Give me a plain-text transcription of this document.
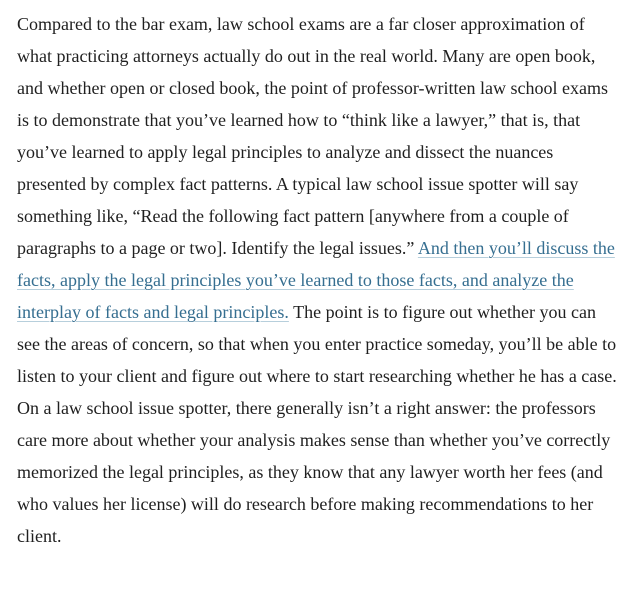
Compared to the bar exam, law school exams are a far closer approximation of what practicing attorneys actually do out in the real world. Many are open book, and whether open or closed book, the point of professor-written law school exams is to demonstrate that you’ve learned how to “think like a lawyer,” that is, that you’ve learned to apply legal principles to analyze and dissect the nuances presented by complex fact patterns. A typical law school issue spotter will say something like, “Read the following fact pattern [anywhere from a couple of paragraphs to a page or two]. Identify the legal issues.” And then you’ll discuss the facts, apply the legal principles you’ve learned to those facts, and analyze the interplay of facts and legal principles. The point is to figure out whether you can see the areas of concern, so that when you enter practice someday, you’ll be able to listen to your client and figure out where to start researching whether he has a case. On a law school issue spotter, there generally isn’t a right answer: the professors care more about whether your analysis makes sense than whether you’ve correctly memorized the legal principles, as they know that any lawyer worth her fees (and who values her license) will do research before making recommendations to her client.
